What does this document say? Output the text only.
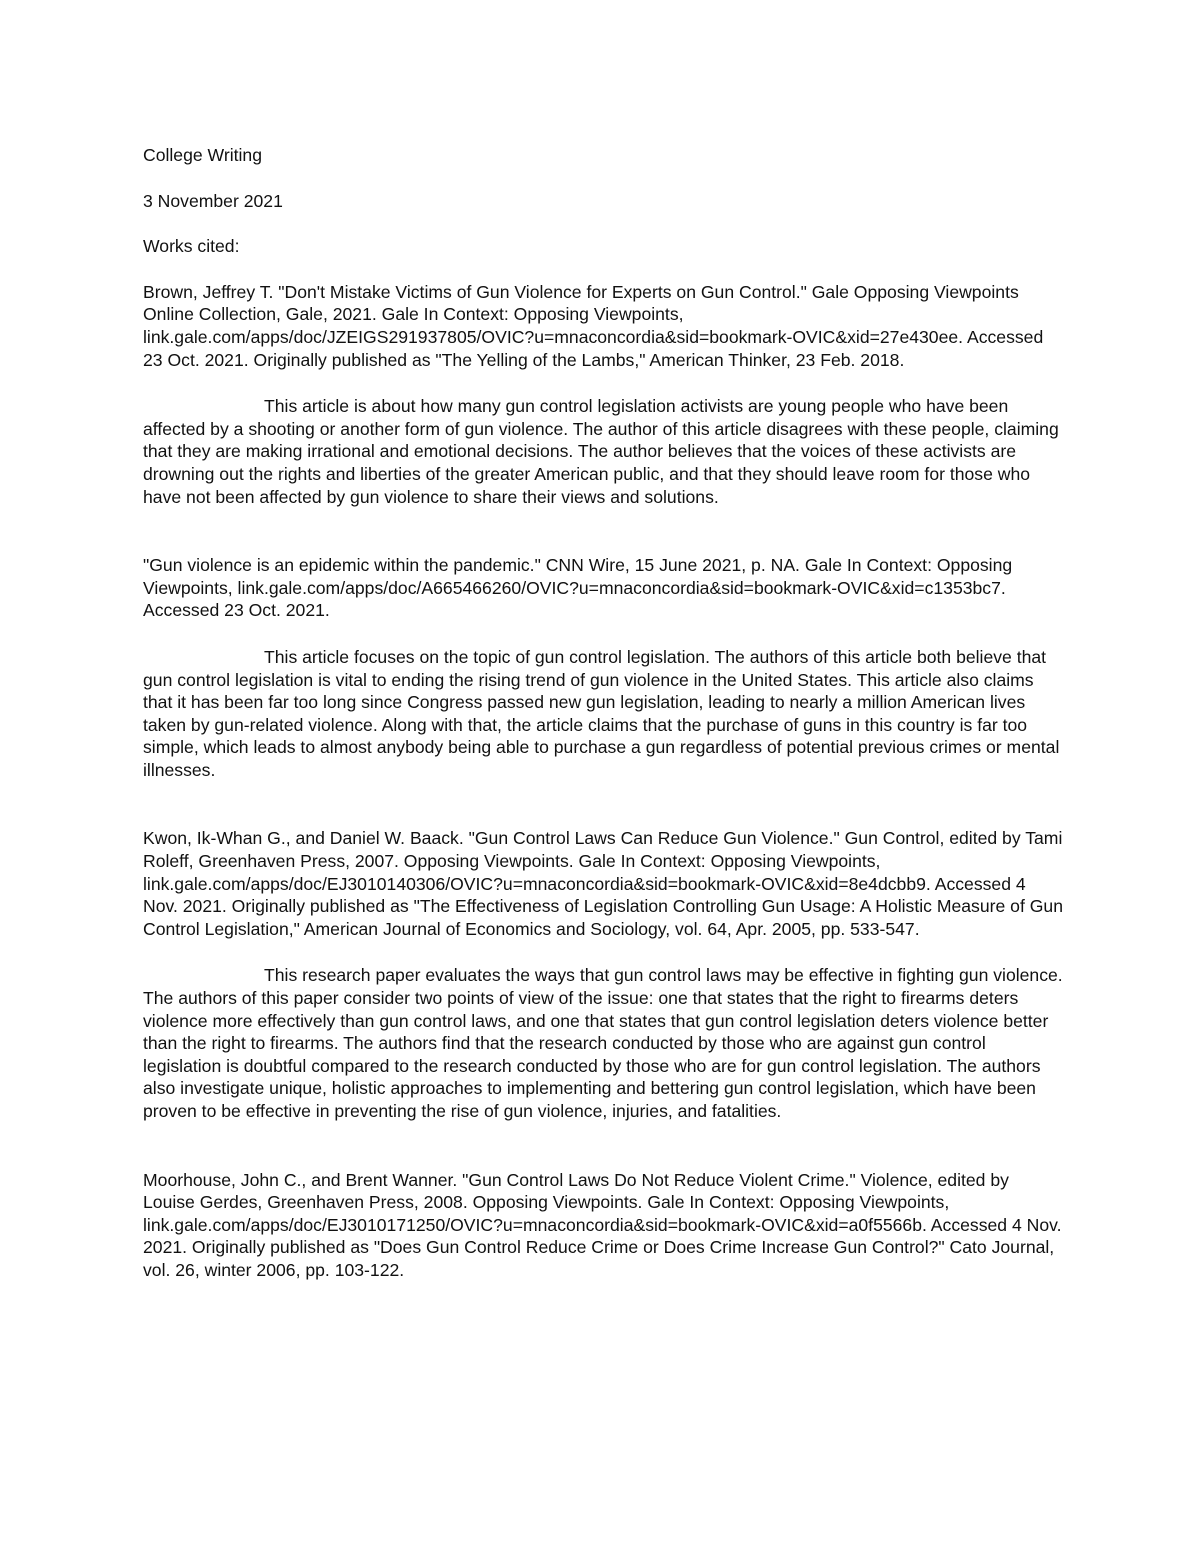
College Writing

3 November 2021

Works cited:

Brown, Jeffrey T. "Don't Mistake Victims of Gun Violence for Experts on Gun Control." Gale Opposing Viewpoints Online Collection, Gale, 2021. Gale In Context: Opposing Viewpoints, link.gale.com/apps/doc/JZEIGS291937805/OVIC?u=mnaconcordia&sid=bookmark-OVIC&xid=27e430ee. Accessed 23 Oct. 2021. Originally published as "The Yelling of the Lambs," American Thinker, 23 Feb. 2018.

This article is about how many gun control legislation activists are young people who have been affected by a shooting or another form of gun violence. The author of this article disagrees with these people, claiming that they are making irrational and emotional decisions. The author believes that the voices of these activists are drowning out the rights and liberties of the greater American public, and that they should leave room for those who have not been affected by gun violence to share their views and solutions.

"Gun violence is an epidemic within the pandemic." CNN Wire, 15 June 2021, p. NA. Gale In Context: Opposing Viewpoints, link.gale.com/apps/doc/A665466260/OVIC?u=mnaconcordia&sid=bookmark-OVIC&xid=c1353bc7. Accessed 23 Oct. 2021.

This article focuses on the topic of gun control legislation. The authors of this article both believe that gun control legislation is vital to ending the rising trend of gun violence in the United States. This article also claims that it has been far too long since Congress passed new gun legislation, leading to nearly a million American lives taken by gun-related violence. Along with that, the article claims that the purchase of guns in this country is far too simple, which leads to almost anybody being able to purchase a gun regardless of potential previous crimes or mental illnesses.

Kwon, Ik-Whan G., and Daniel W. Baack. "Gun Control Laws Can Reduce Gun Violence." Gun Control, edited by Tami Roleff, Greenhaven Press, 2007. Opposing Viewpoints. Gale In Context: Opposing Viewpoints, link.gale.com/apps/doc/EJ3010140306/OVIC?u=mnaconcordia&sid=bookmark-OVIC&xid=8e4dcbb9. Accessed 4 Nov. 2021. Originally published as "The Effectiveness of Legislation Controlling Gun Usage: A Holistic Measure of Gun Control Legislation," American Journal of Economics and Sociology, vol. 64, Apr. 2005, pp. 533-547.

This research paper evaluates the ways that gun control laws may be effective in fighting gun violence. The authors of this paper consider two points of view of the issue: one that states that the right to firearms deters violence more effectively than gun control laws, and one that states that gun control legislation deters violence better than the right to firearms. The authors find that the research conducted by those who are against gun control legislation is doubtful compared to the research conducted by those who are for gun control legislation. The authors also investigate unique, holistic approaches to implementing and bettering gun control legislation, which have been proven to be effective in preventing the rise of gun violence, injuries, and fatalities.

Moorhouse, John C., and Brent Wanner. "Gun Control Laws Do Not Reduce Violent Crime." Violence, edited by Louise Gerdes, Greenhaven Press, 2008. Opposing Viewpoints. Gale In Context: Opposing Viewpoints, link.gale.com/apps/doc/EJ3010171250/OVIC?u=mnaconcordia&sid=bookmark-OVIC&xid=a0f5566b. Accessed 4 Nov. 2021. Originally published as "Does Gun Control Reduce Crime or Does Crime Increase Gun Control?" Cato Journal, vol. 26, winter 2006, pp. 103-122.
